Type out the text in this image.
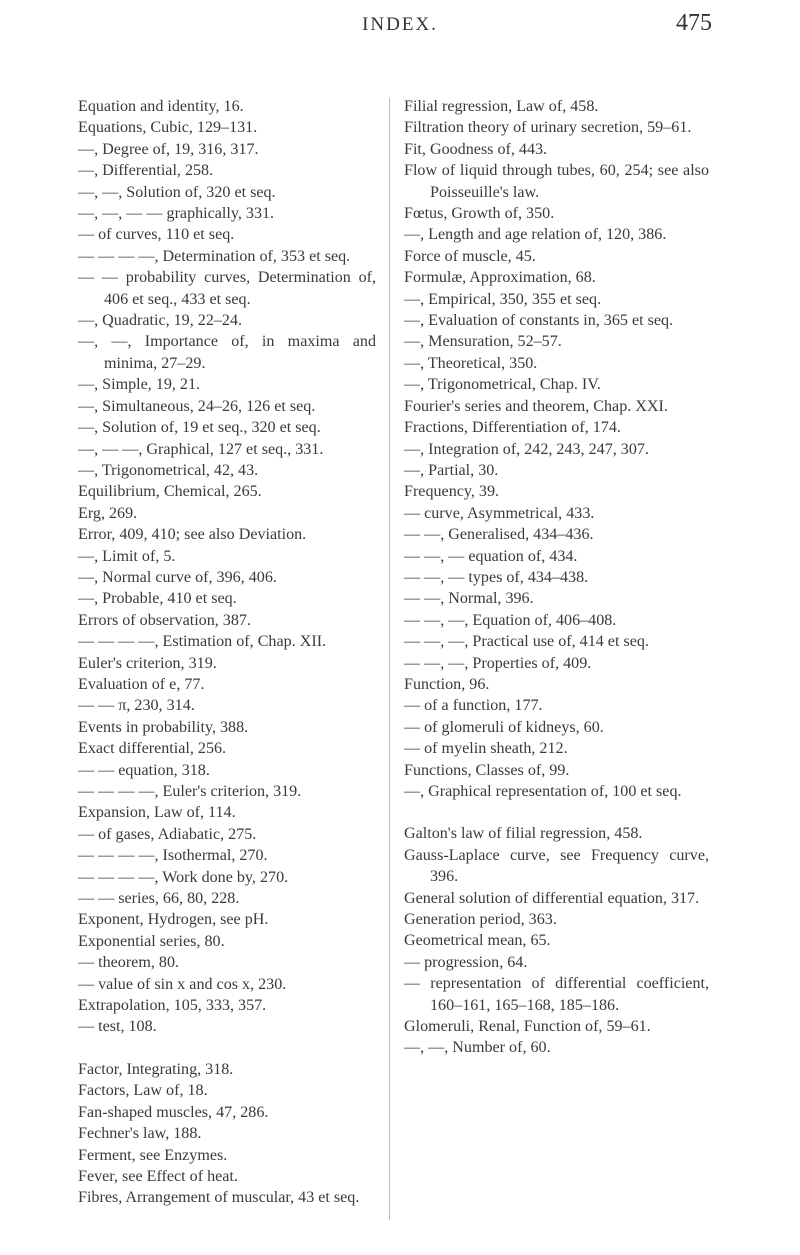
INDEX.	475
Equation and identity, 16.
Equations, Cubic, 129–131.
—, Degree of, 19, 316, 317.
—, Differential, 258.
—, —, Solution of, 320 et seq.
—, —, — — graphically, 331.
— of curves, 110 et seq.
— — — —, Determination of, 353 et seq.
— — probability curves, Determination of, 406 et seq., 433 et seq.
—, Quadratic, 19, 22–24.
—, —, Importance of, in maxima and minima, 27–29.
—, Simple, 19, 21.
—, Simultaneous, 24–26, 126 et seq.
—, Solution of, 19 et seq., 320 et seq.
—, — —, Graphical, 127 et seq., 331.
—, Trigonometrical, 42, 43.
Equilibrium, Chemical, 265.
Erg, 269.
Error, 409, 410; see also Deviation.
—, Limit of, 5.
—, Normal curve of, 396, 406.
—, Probable, 410 et seq.
Errors of observation, 387.
— — — —, Estimation of, Chap. XII.
Euler's criterion, 319.
Evaluation of e, 77.
— — π, 230, 314.
Events in probability, 388.
Exact differential, 256.
— — equation, 318.
— — — —, Euler's criterion, 319.
Expansion, Law of, 114.
— of gases, Adiabatic, 275.
— — — —, Isothermal, 270.
— — — —, Work done by, 270.
— — series, 66, 80, 228.
Exponent, Hydrogen, see pH.
Exponential series, 80.
— theorem, 80.
— value of sin x and cos x, 230.
Extrapolation, 105, 333, 357.
— test, 108.
Factor, Integrating, 318.
Factors, Law of, 18.
Fan-shaped muscles, 47, 286.
Fechner's law, 188.
Ferment, see Enzymes.
Fever, see Effect of heat.
Fibres, Arrangement of muscular, 43 et seq.
Filial regression, Law of, 458.
Filtration theory of urinary secretion, 59–61.
Fit, Goodness of, 443.
Flow of liquid through tubes, 60, 254; see also Poisseuille's law.
Fœtus, Growth of, 350.
—, Length and age relation of, 120, 386.
Force of muscle, 45.
Formulæ, Approximation, 68.
—, Empirical, 350, 355 et seq.
—, Evaluation of constants in, 365 et seq.
—, Mensuration, 52–57.
—, Theoretical, 350.
—, Trigonometrical, Chap. IV.
Fourier's series and theorem, Chap. XXI.
Fractions, Differentiation of, 174.
—, Integration of, 242, 243, 247, 307.
—, Partial, 30.
Frequency, 39.
— curve, Asymmetrical, 433.
— —, Generalised, 434–436.
— —, — equation of, 434.
— —, — types of, 434–438.
— —, Normal, 396.
— —, —, Equation of, 406–408.
— —, —, Practical use of, 414 et seq.
— —, —, Properties of, 409.
Function, 96.
— of a function, 177.
— of glomeruli of kidneys, 60.
— of myelin sheath, 212.
Functions, Classes of, 99.
—, Graphical representation of, 100 et seq.
Galton's law of filial regression, 458.
Gauss-Laplace curve, see Frequency curve, 396.
General solution of differential equation, 317.
Generation period, 363.
Geometrical mean, 65.
— progression, 64.
— representation of differential coefficient, 160–161, 165–168, 185–186.
Glomeruli, Renal, Function of, 59–61.
—, —, Number of, 60.
